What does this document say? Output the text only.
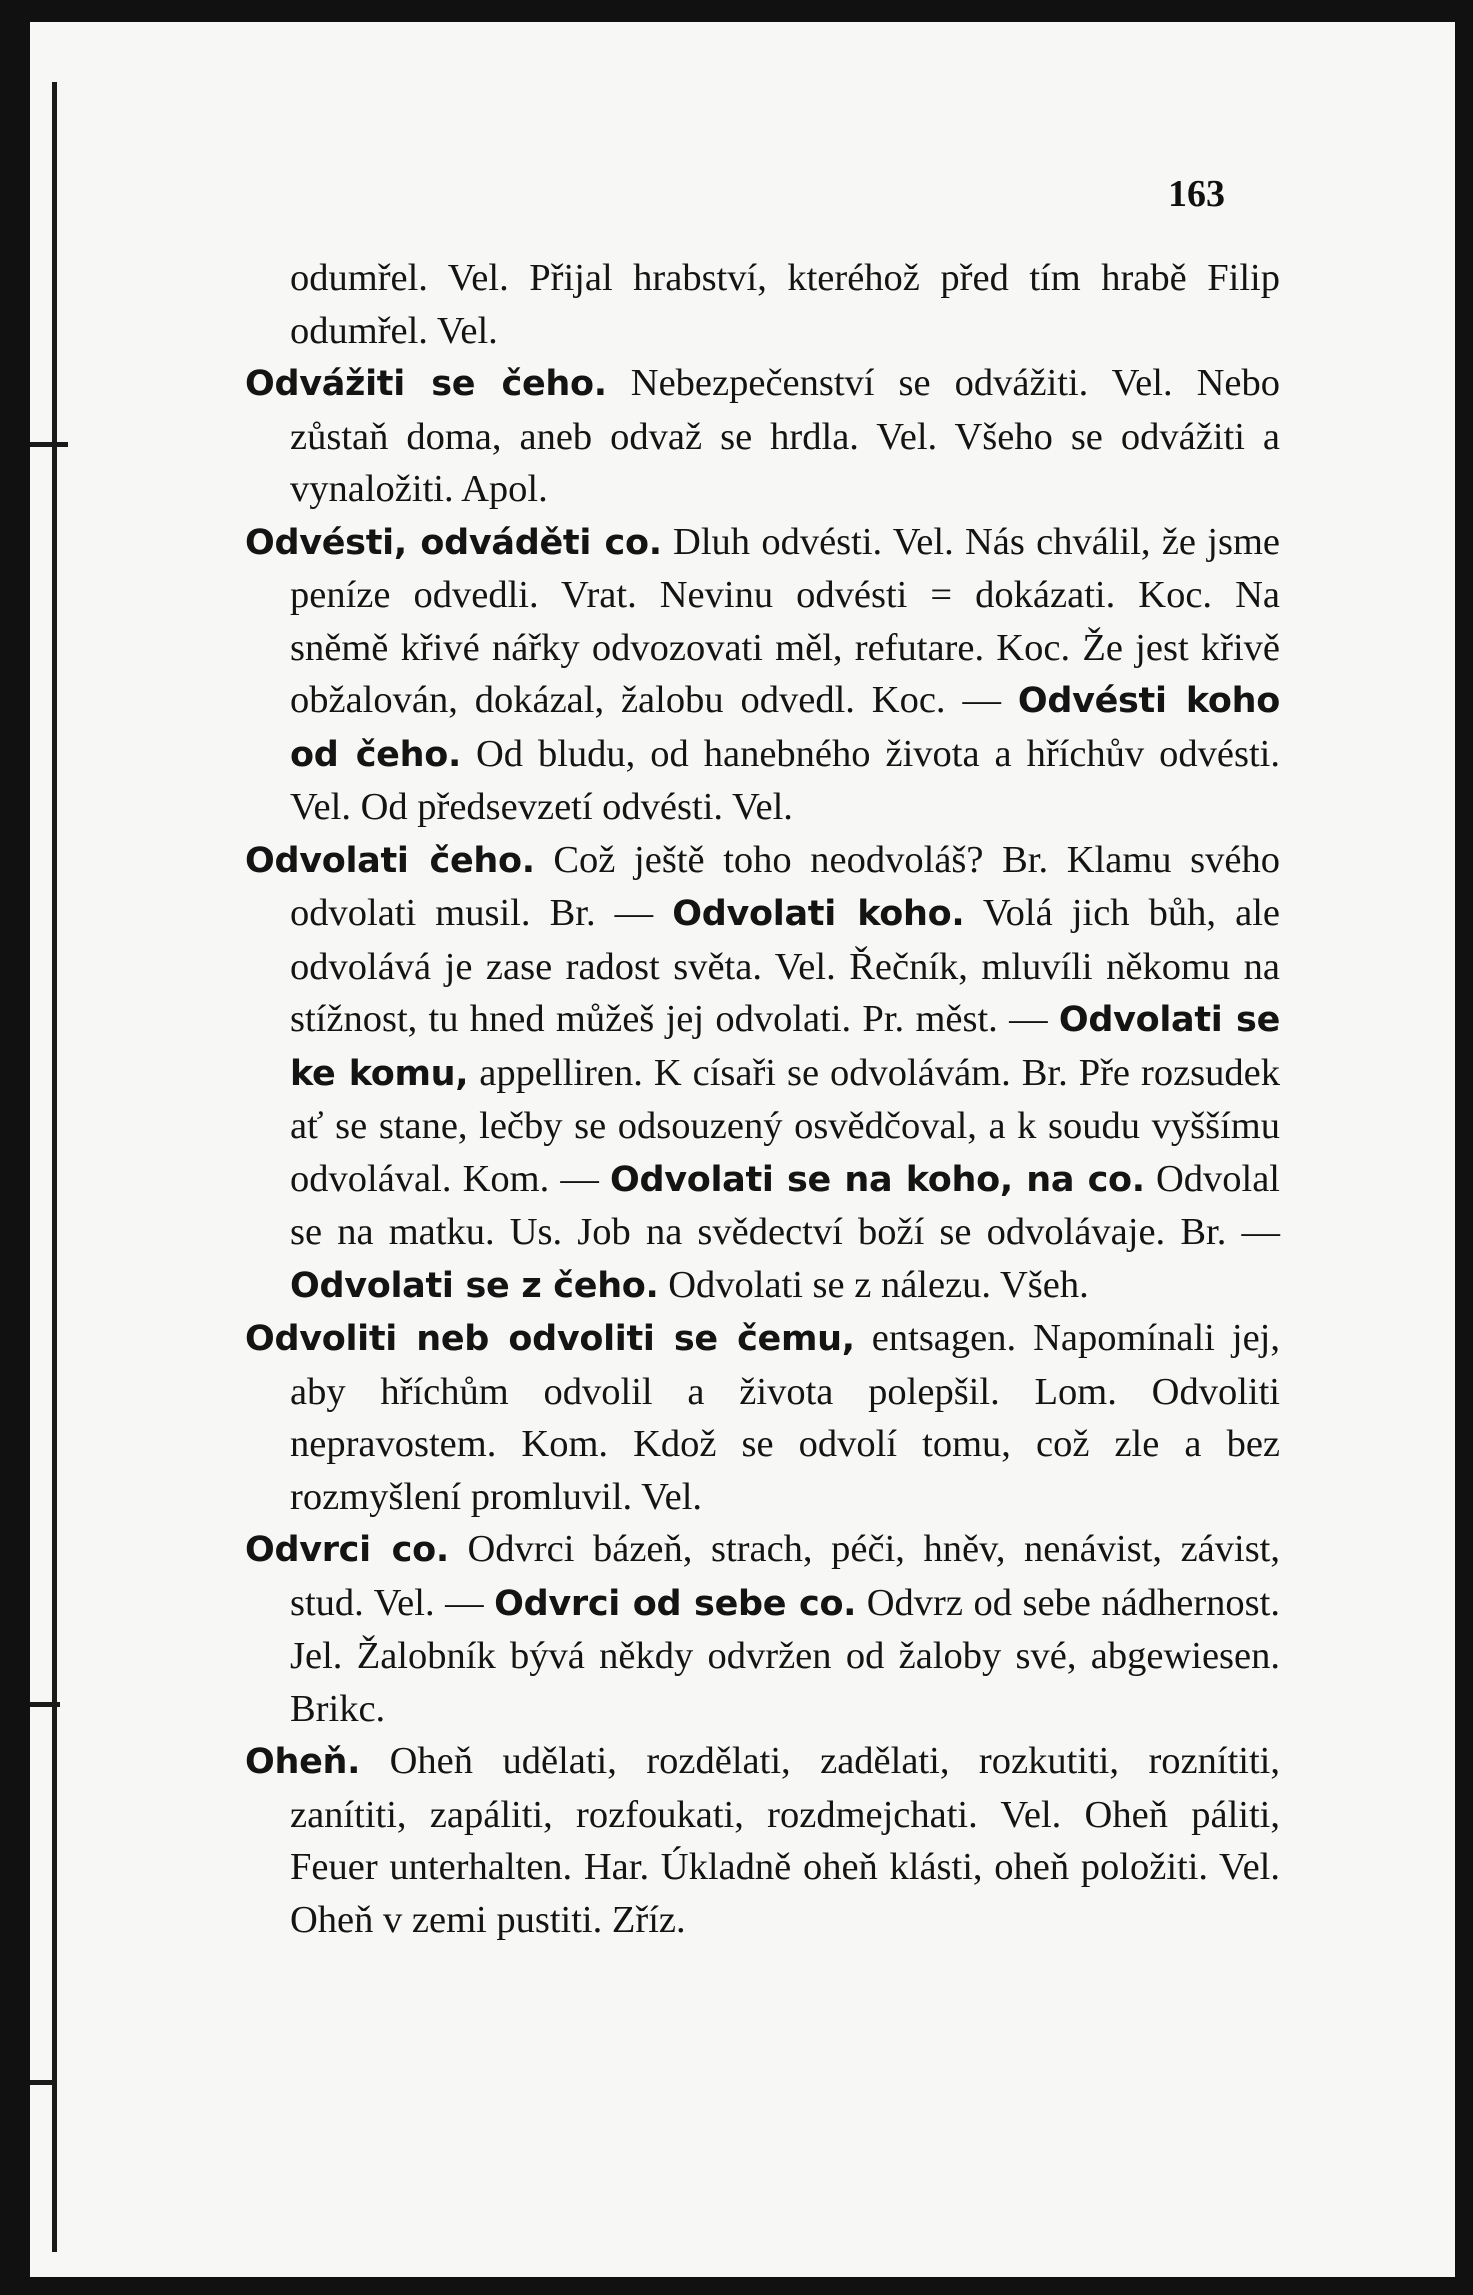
163

odumřel. Vel. Přijal hrabství, kteréhož před tím hrabě Filip odumřel. Vel.

Odvážiti se čeho. Nebezpečenství se odvážiti. Vel. Nebo zůstaň doma, aneb odvaž se hrdla. Vel. Všeho se odvážiti a vynaložiti. Apol.

Odvésti, odváděti co. Dluh odvésti. Vel. Nás chválil, že jsme peníze odvedli. Vrat. Nevinu odvésti = dokázati. Koc. Na sněmě křivé nářky odvozovati měl, refutare. Koc. Že jest křivě obžalován, dokázal, žalobu odvedl. Koc. — Odvésti koho od čeho. Od bludu, od hanebného života a hříchův odvésti. Vel. Od předsevzetí odvésti. Vel.

Odvolati čeho. Což ještě toho neodvoláš? Br. Klamu svého odvolati musil. Br. — Odvolati koho. Volá jich bůh, ale odvolává je zase radost světa. Vel. Řečník, mluvíli někomu na stížnost, tu hned můžeš jej odvolati. Pr. měst. — Odvolati se ke komu, appelliren. K císaři se odvolávám. Br. Pře rozsudek ať se stane, lečby se odsouzený osvědčoval, a k soudu vyššímu odvolával. Kom. — Odvolati se na koho, na co. Odvolal se na matku. Us. Job na svědectví boží se odvolávaje. Br. — Odvolati se z čeho. Odvolati se z nálezu. Všeh.

Odvoliti neb odvoliti se čemu, entsagen. Napomínali jej, aby hříchům odvolil a života polepšil. Lom. Odvoliti nepravostem. Kom. Kdož se odvolí tomu, což zle a bez rozmyšlení promluvil. Vel.

Odvrci co. Odvrci bázeň, strach, péči, hněv, nenávist, závist, stud. Vel. — Odvrci od sebe co. Odvrz od sebe nádhernost. Jel. Žalobník bývá někdy odvržen od žaloby své, abgewiesen. Brikc.

Oheň. Oheň udělati, rozdělati, zadělati, rozkutiti, roznítiti, zanítiti, zapáliti, rozfoukati, rozdmejchati. Vel. Oheň páliti, Feuer unterhalten. Har. Úkladně oheň klásti, oheň položiti. Vel. Oheň v zemi pustiti. Zříz.
